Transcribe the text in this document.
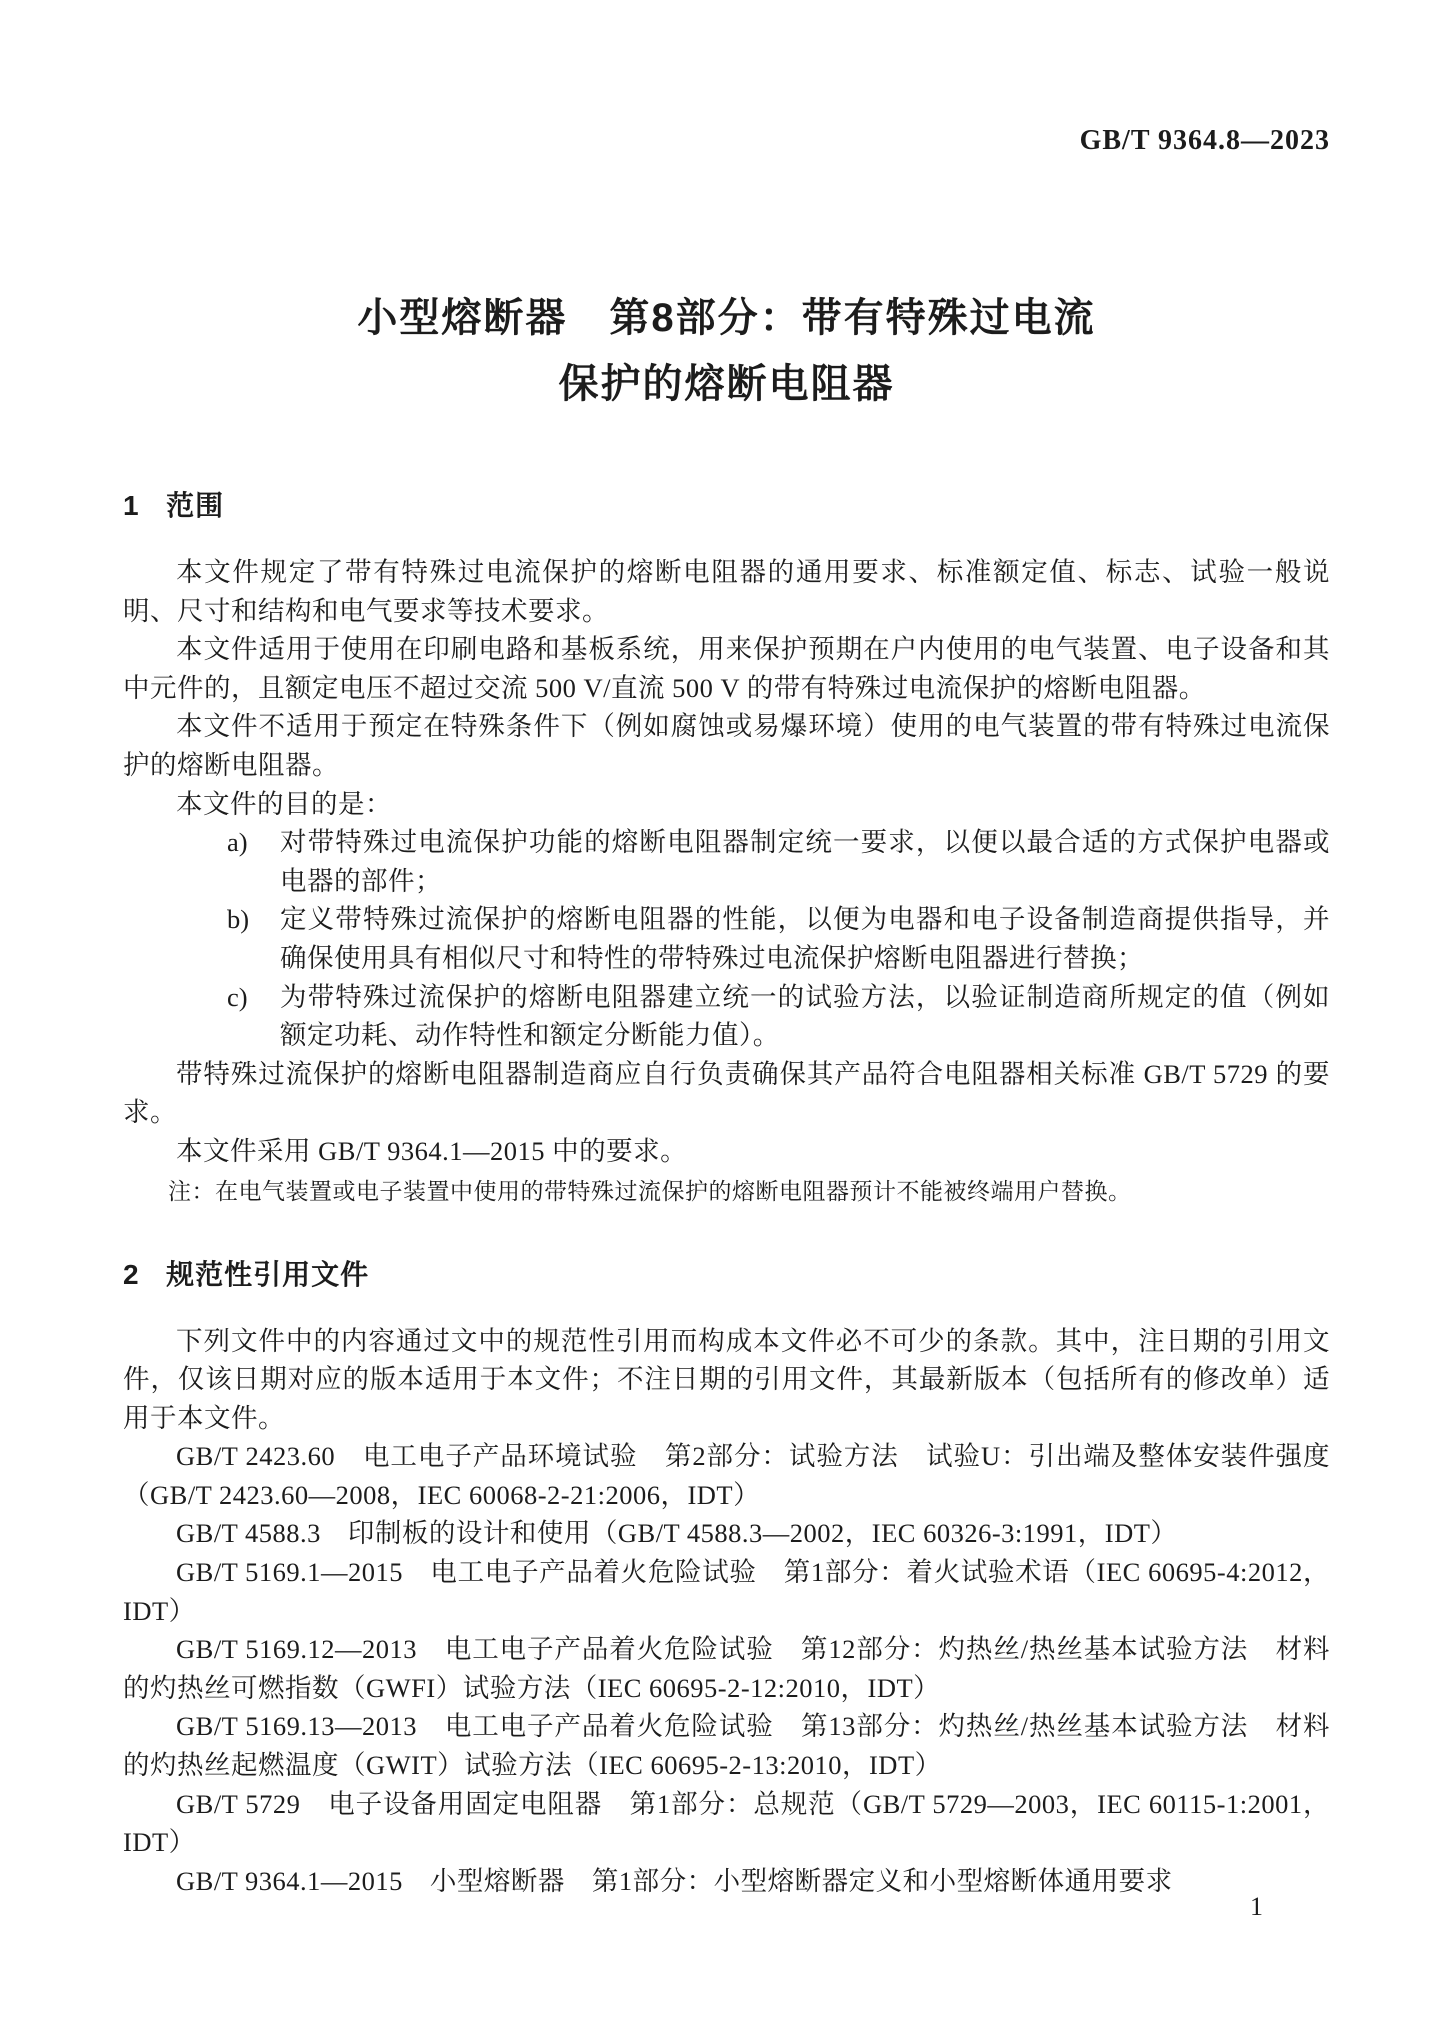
GB/T 9364.8—2023
小型熔断器　第8部分：带有特殊过电流
保护的熔断电阻器
1 范围

本文件规定了带有特殊过电流保护的熔断电阻器的通用要求、标准额定值、标志、试验一般说明、尺寸和结构和电气要求等技术要求。

本文件适用于使用在印刷电路和基板系统，用来保护预期在户内使用的电气装置、电子设备和其中元件的，且额定电压不超过交流 500 V/直流 500 V 的带有特殊过电流保护的熔断电阻器。

本文件不适用于预定在特殊条件下（例如腐蚀或易爆环境）使用的电气装置的带有特殊过电流保护的熔断电阻器。

本文件的目的是：

a)	对带特殊过电流保护功能的熔断电阻器制定统一要求，以便以最合适的方式保护电器或电器的部件；
b)	定义带特殊过流保护的熔断电阻器的性能，以便为电器和电子设备制造商提供指导，并确保使用具有相似尺寸和特性的带特殊过电流保护熔断电阻器进行替换；
c)	为带特殊过流保护的熔断电阻器建立统一的试验方法，以验证制造商所规定的值（例如额定功耗、动作特性和额定分断能力值）。

带特殊过流保护的熔断电阻器制造商应自行负责确保其产品符合电阻器相关标准 GB/T 5729 的要求。

本文件采用 GB/T 9364.1—2015 中的要求。

注：在电气装置或电子装置中使用的带特殊过流保护的熔断电阻器预计不能被终端用户替换。

2 规范性引用文件

下列文件中的内容通过文中的规范性引用而构成本文件必不可少的条款。其中，注日期的引用文件，仅该日期对应的版本适用于本文件；不注日期的引用文件，其最新版本（包括所有的修改单）适用于本文件。

GB/T 2423.60　电工电子产品环境试验　第2部分：试验方法　试验U：引出端及整体安装件强度（GB/T 2423.60—2008，IEC 60068-2-21:2006，IDT）

GB/T 4588.3　印制板的设计和使用（GB/T 4588.3—2002，IEC 60326-3:1991，IDT）

GB/T 5169.1—2015　电工电子产品着火危险试验　第1部分：着火试验术语（IEC 60695-4:2012，IDT）

GB/T 5169.12—2013　电工电子产品着火危险试验　第12部分：灼热丝/热丝基本试验方法　材料的灼热丝可燃指数（GWFI）试验方法（IEC 60695-2-12:2010，IDT）

GB/T 5169.13—2013　电工电子产品着火危险试验　第13部分：灼热丝/热丝基本试验方法　材料的灼热丝起燃温度（GWIT）试验方法（IEC 60695-2-13:2010，IDT）

GB/T 5729　电子设备用固定电阻器　第1部分：总规范（GB/T 5729—2003，IEC 60115-1:2001，IDT）

GB/T 9364.1—2015　小型熔断器　第1部分：小型熔断器定义和小型熔断体通用要求

1
